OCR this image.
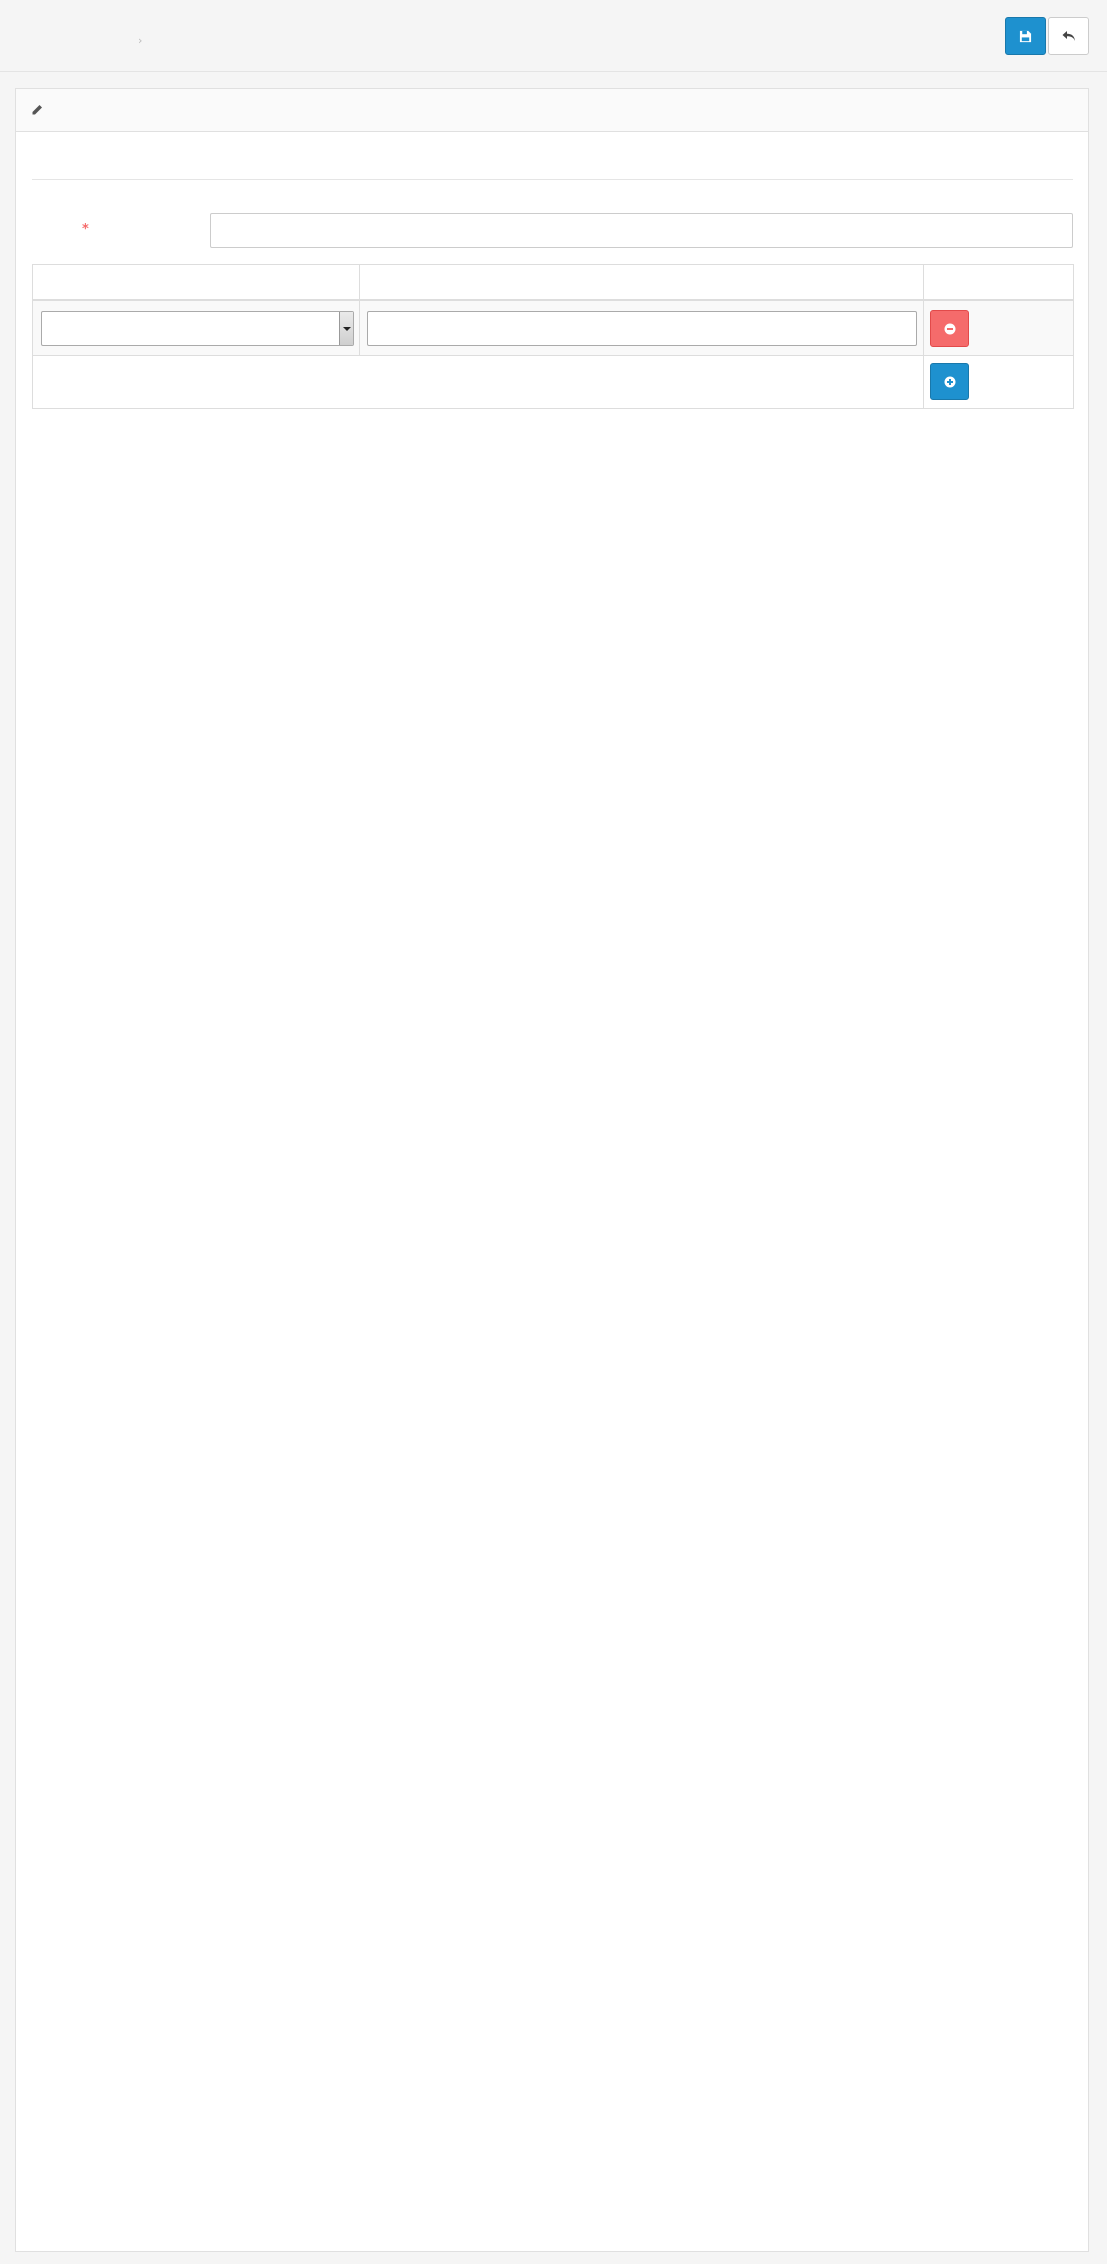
›
*
